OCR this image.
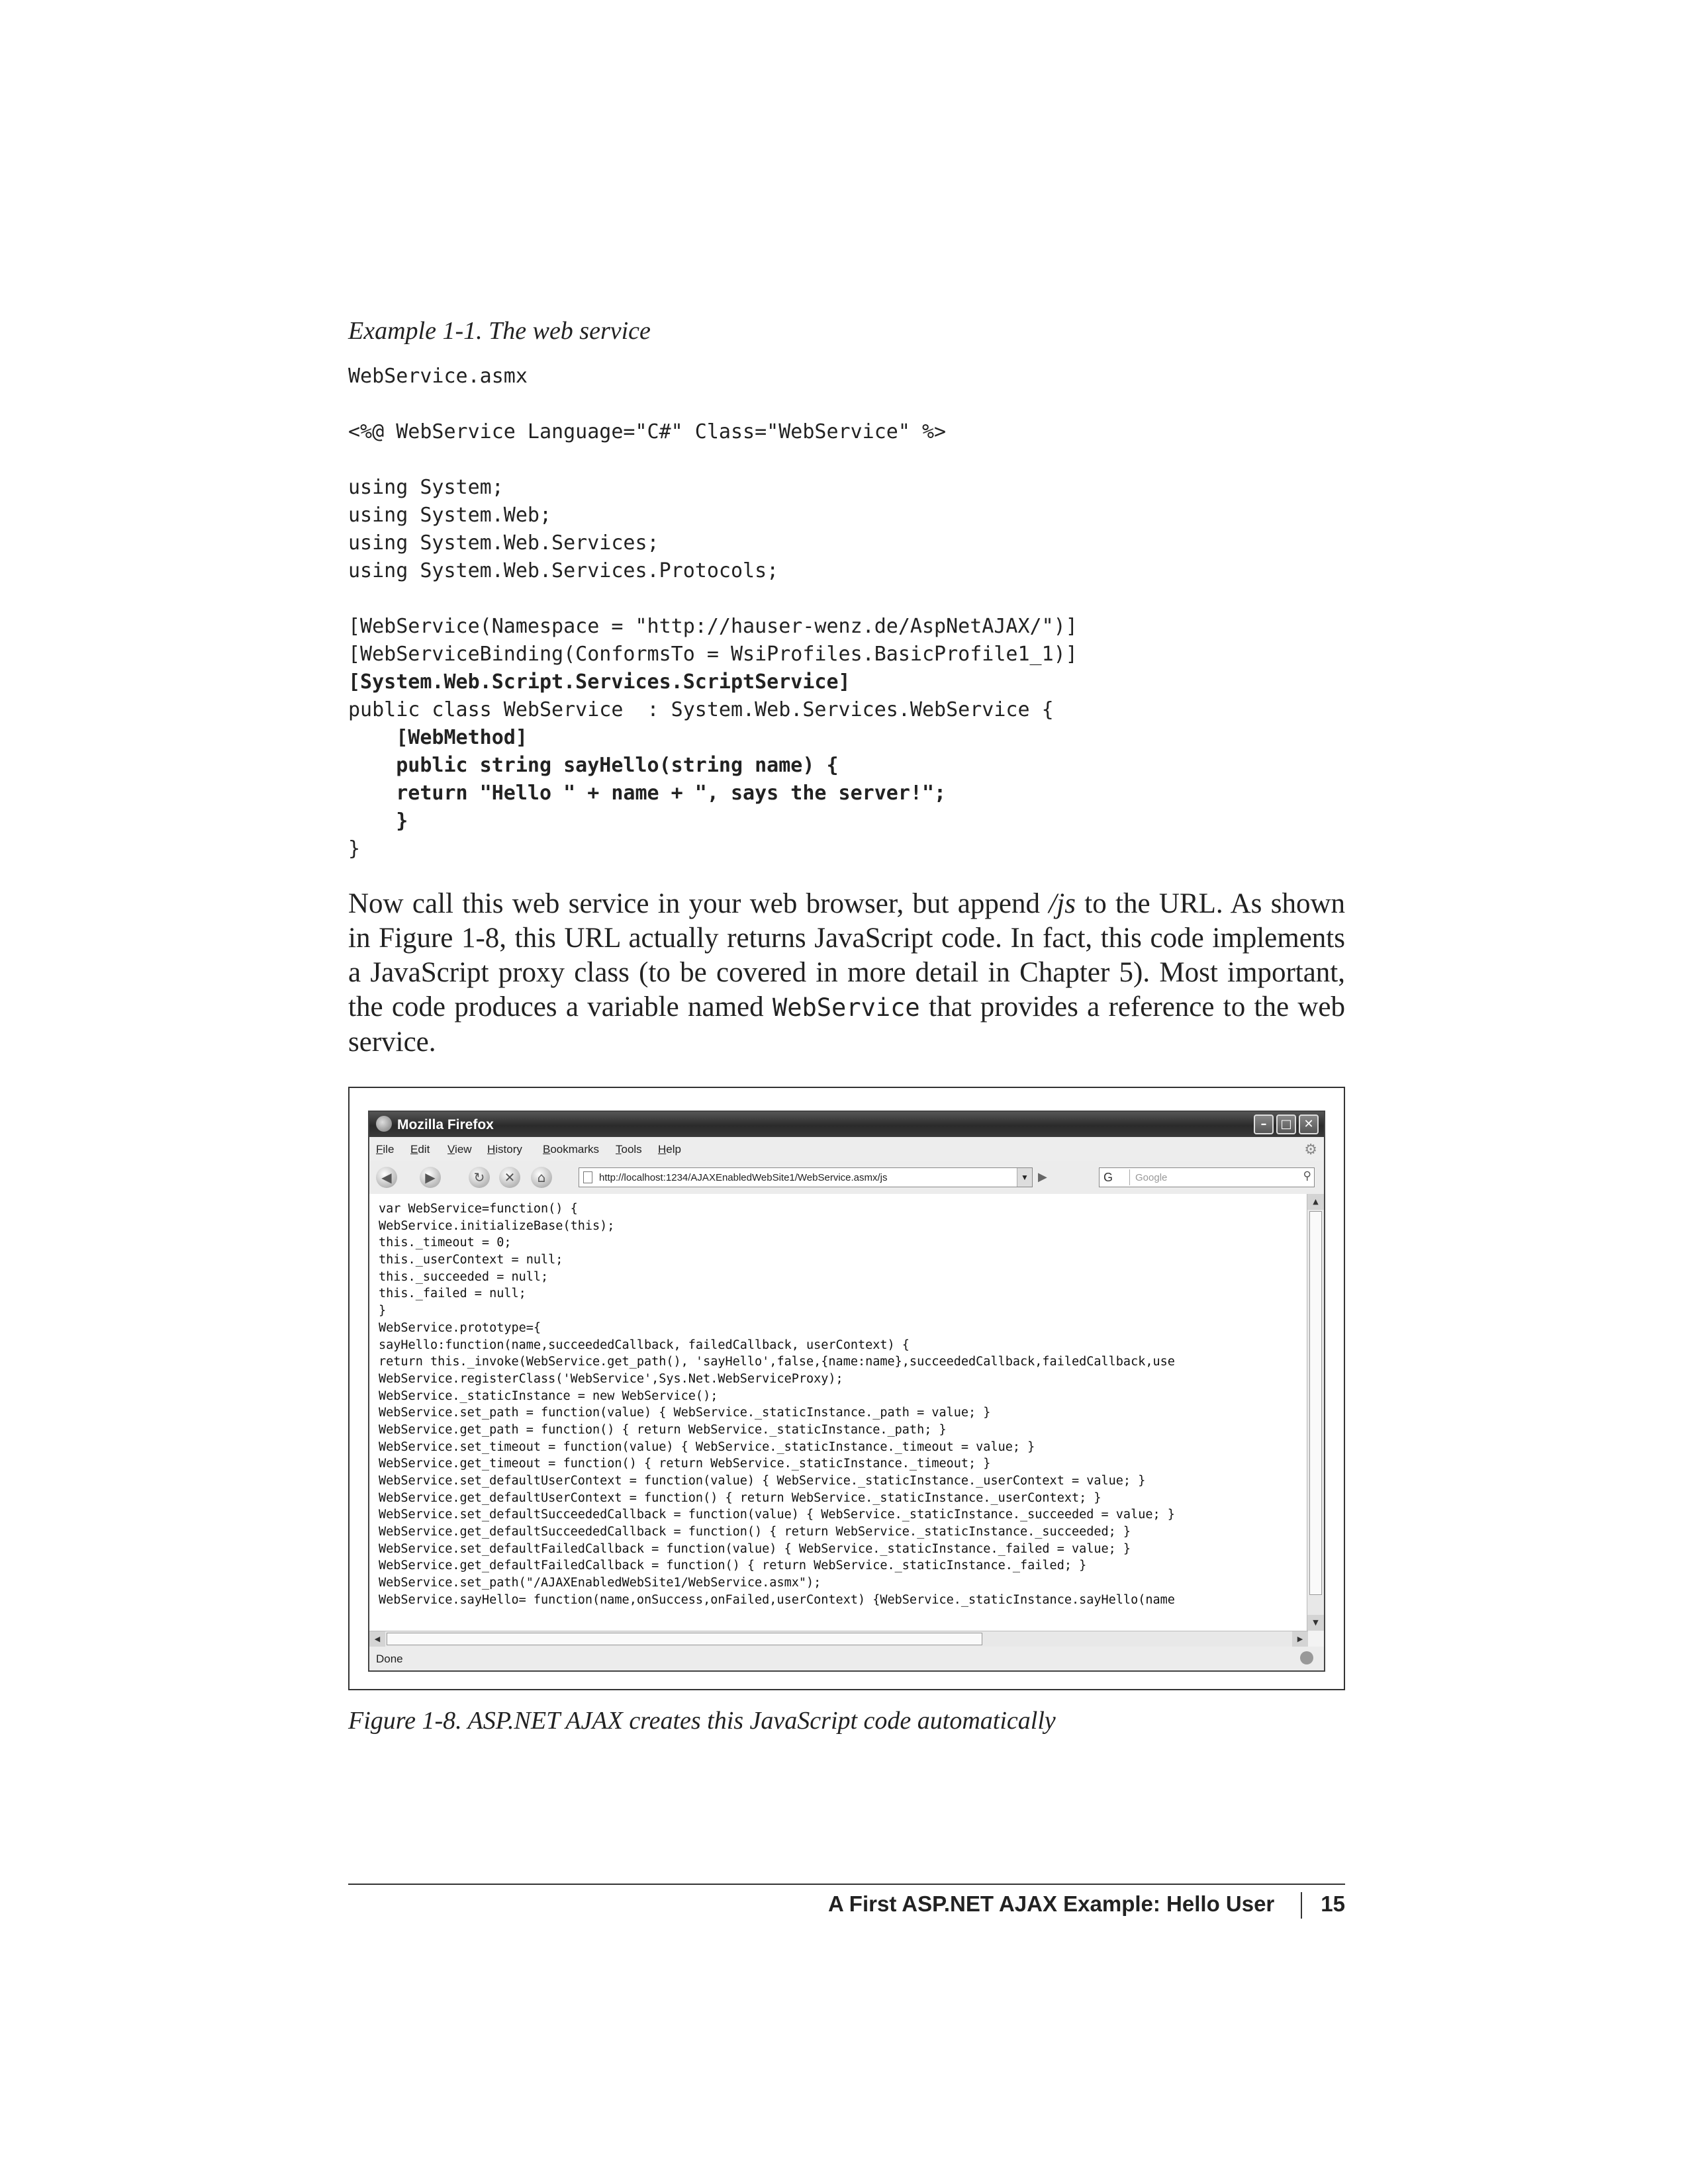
Example 1-1. The web service
WebService.asmx
<%@ WebService Language="C#" Class="WebService" %>
using System;
using System.Web;
using System.Web.Services;
using System.Web.Services.Protocols;
[WebService(Namespace = "http://hauser-wenz.de/AspNetAJAX/")]
[WebServiceBinding(ConformsTo = WsiProfiles.BasicProfile1_1)]
[System.Web.Script.Services.ScriptService]
public class WebService  : System.Web.Services.WebService {
[WebMethod]
public string sayHello(string name) {
return "Hello " + name + ", says the server!";
}
}
Now call this web service in your web browser, but append /js to the URL. As shown in Figure 1-8, this URL actually returns JavaScript code. In fact, this code implements a JavaScript proxy class (to be covered in more detail in Chapter 5). Most important, the code produces a variable named WebService that provides a reference to the web service.
Mozilla Firefox	–	□ ✕
File Edit View History Bookmarks Tools Help	⚙
◀	▶	↻	✕	⌂	http://localhost:1234/AJAXEnabledWebSite1/WebService.asmx/js	▼ ▶	G	Google	⚲
var WebService=function() {
WebService.initializeBase(this);
this._timeout = 0;
this._userContext = null;
this._succeeded = null;
this._failed = null;
}
WebService.prototype={
sayHello:function(name,succeededCallback, failedCallback, userContext) {
return this._invoke(WebService.get_path(), 'sayHello',false,{name:name},succeededCallback,failedCallback,use
WebService.registerClass('WebService',Sys.Net.WebServiceProxy);
WebService._staticInstance = new WebService();
WebService.set_path = function(value) { WebService._staticInstance._path = value; }
WebService.get_path = function() { return WebService._staticInstance._path; }
WebService.set_timeout = function(value) { WebService._staticInstance._timeout = value; }
WebService.get_timeout = function() { return WebService._staticInstance._timeout; }
WebService.set_defaultUserContext = function(value) { WebService._staticInstance._userContext = value; }
WebService.get_defaultUserContext = function() { return WebService._staticInstance._userContext; }
WebService.set_defaultSucceededCallback = function(value) { WebService._staticInstance._succeeded = value; }
WebService.get_defaultSucceededCallback = function() { return WebService._staticInstance._succeeded; }
WebService.set_defaultFailedCallback = function(value) { WebService._staticInstance._failed = value; }
WebService.get_defaultFailedCallback = function() { return WebService._staticInstance._failed; }
WebService.set_path("/AJAXEnabledWebSite1/WebService.asmx");
WebService.sayHello= function(name,onSuccess,onFailed,userContext) {WebService._staticInstance.sayHello(name
▲
▼
◀	▶
Done
Figure 1-8. ASP.NET AJAX creates this JavaScript code automatically
A First ASP.NET AJAX Example: Hello User 15
